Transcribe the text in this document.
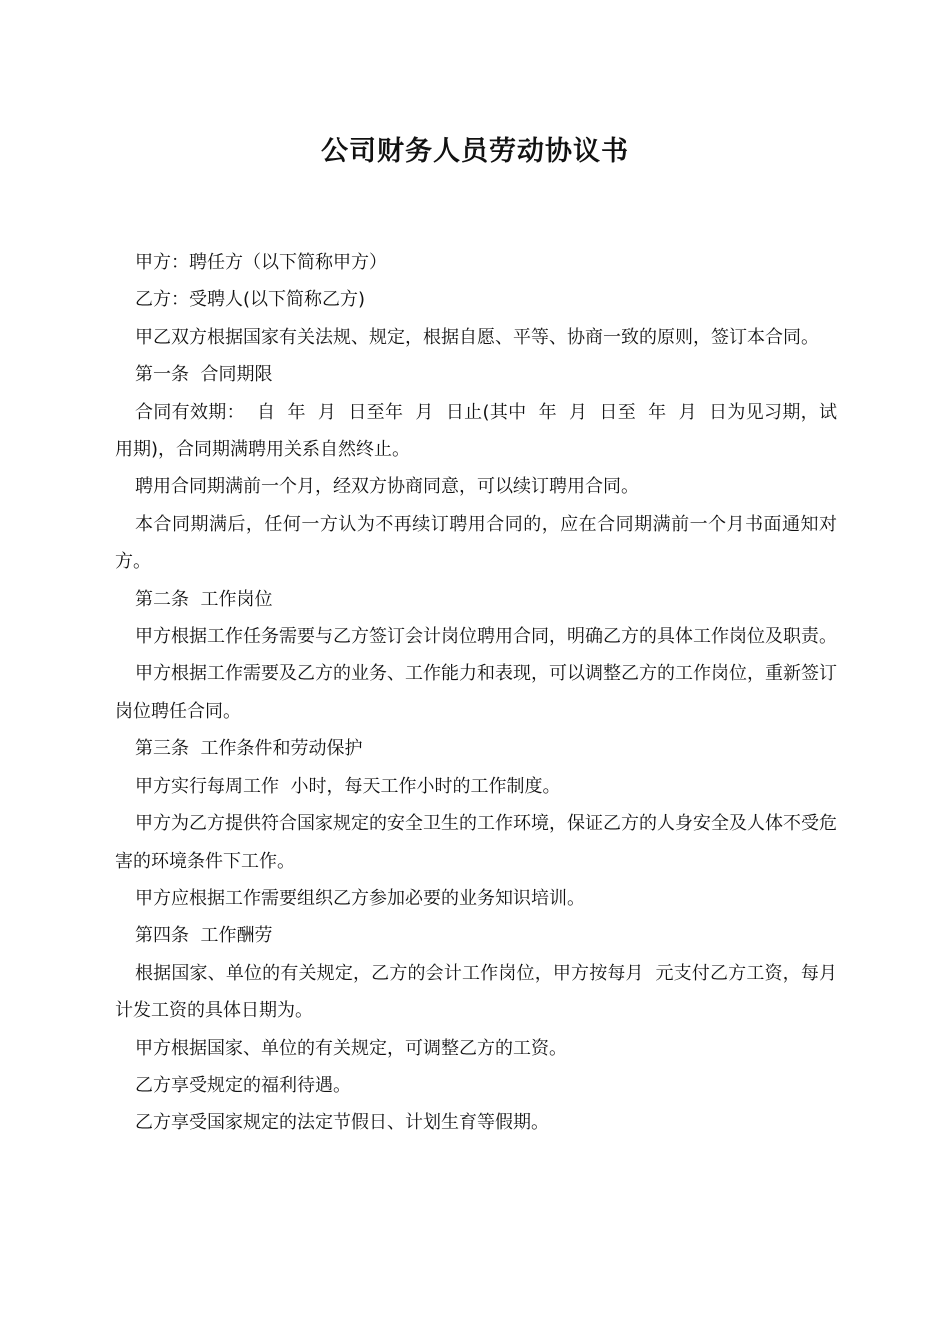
公司财务人员劳动协议书

甲方：聘任方（以下简称甲方）

乙方：受聘人(以下简称乙方)

甲乙双方根据国家有关法规、规定，根据自愿、平等、协商一致的原则，签订本合同。

第一条  合同期限

合同有效期：  自  年  月  日至年  月  日止(其中  年  月  日至  年  月  日为见习期，试用期)，合同期满聘用关系自然终止。

聘用合同期满前一个月，经双方协商同意，可以续订聘用合同。

本合同期满后，任何一方认为不再续订聘用合同的，应在合同期满前一个月书面通知对方。

第二条  工作岗位

甲方根据工作任务需要与乙方签订会计岗位聘用合同，明确乙方的具体工作岗位及职责。

甲方根据工作需要及乙方的业务、工作能力和表现，可以调整乙方的工作岗位，重新签订岗位聘任合同。

第三条  工作条件和劳动保护

甲方实行每周工作  小时，每天工作小时的工作制度。

甲方为乙方提供符合国家规定的安全卫生的工作环境，保证乙方的人身安全及人体不受危害的环境条件下工作。

甲方应根据工作需要组织乙方参加必要的业务知识培训。

第四条  工作酬劳

根据国家、单位的有关规定，乙方的会计工作岗位，甲方按每月  元支付乙方工资，每月计发工资的具体日期为。

甲方根据国家、单位的有关规定，可调整乙方的工资。

乙方享受规定的福利待遇。

乙方享受国家规定的法定节假日、计划生育等假期。
